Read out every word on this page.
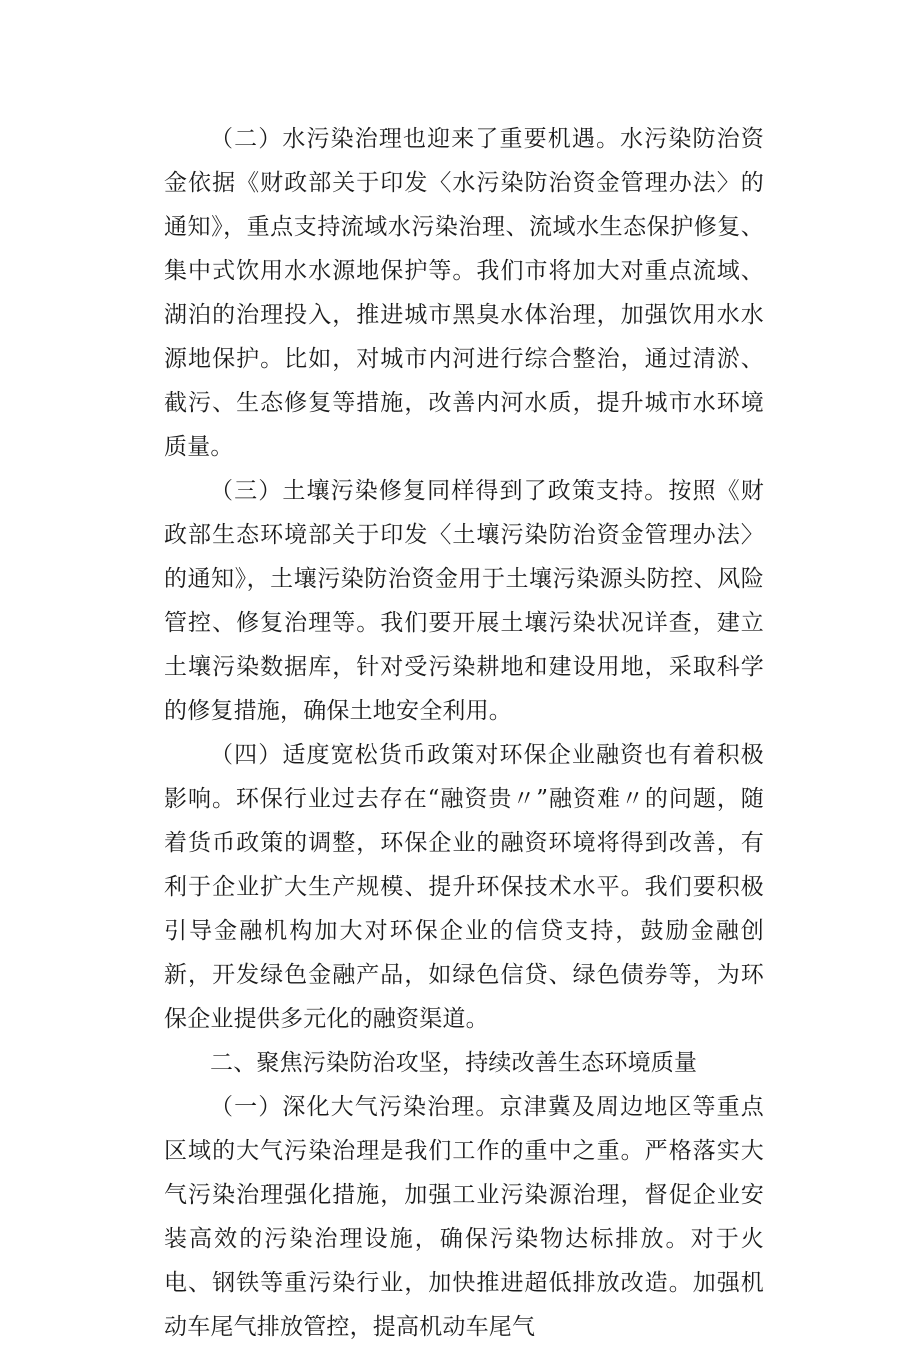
（二）水污染治理也迎来了重要机遇。水污染防治资金依据《财政部关于印发〈水污染防治资金管理办法〉的通知》，重点支持流域水污染治理、流域水生态保护修复、集中式饮用水水源地保护等。我们市将加大对重点流域、湖泊的治理投入，推进城市黑臭水体治理，加强饮用水水源地保护。比如，对城市内河进行综合整治，通过清淤、截污、生态修复等措施，改善内河水质，提升城市水环境质量。

（三）土壤污染修复同样得到了政策支持。按照《财政部生态环境部关于印发〈土壤污染防治资金管理办法〉的通知》，土壤污染防治资金用于土壤污染源头防控、风险管控、修复治理等。我们要开展土壤污染状况详查，建立土壤污染数据库，针对受污染耕地和建设用地，采取科学的修复措施，确保土地安全利用。

（四）适度宽松货币政策对环保企业融资也有着积极影响。环保行业过去存在“融资贵〃”融资难〃的问题，随着货币政策的调整，环保企业的融资环境将得到改善，有利于企业扩大生产规模、提升环保技术水平。我们要积极引导金融机构加大对环保企业的信贷支持，鼓励金融创新，开发绿色金融产品，如绿色信贷、绿色债券等，为环保企业提供多元化的融资渠道。

二、聚焦污染防治攻坚，持续改善生态环境质量

（一）深化大气污染治理。京津冀及周边地区等重点区域的大气污染治理是我们工作的重中之重。严格落实大气污染治理强化措施，加强工业污染源治理，督促企业安装高效的污染治理设施，确保污染物达标排放。对于火电、钢铁等重污染行业，加快推进超低排放改造。加强机动车尾气排放管控，提高机动车尾气
